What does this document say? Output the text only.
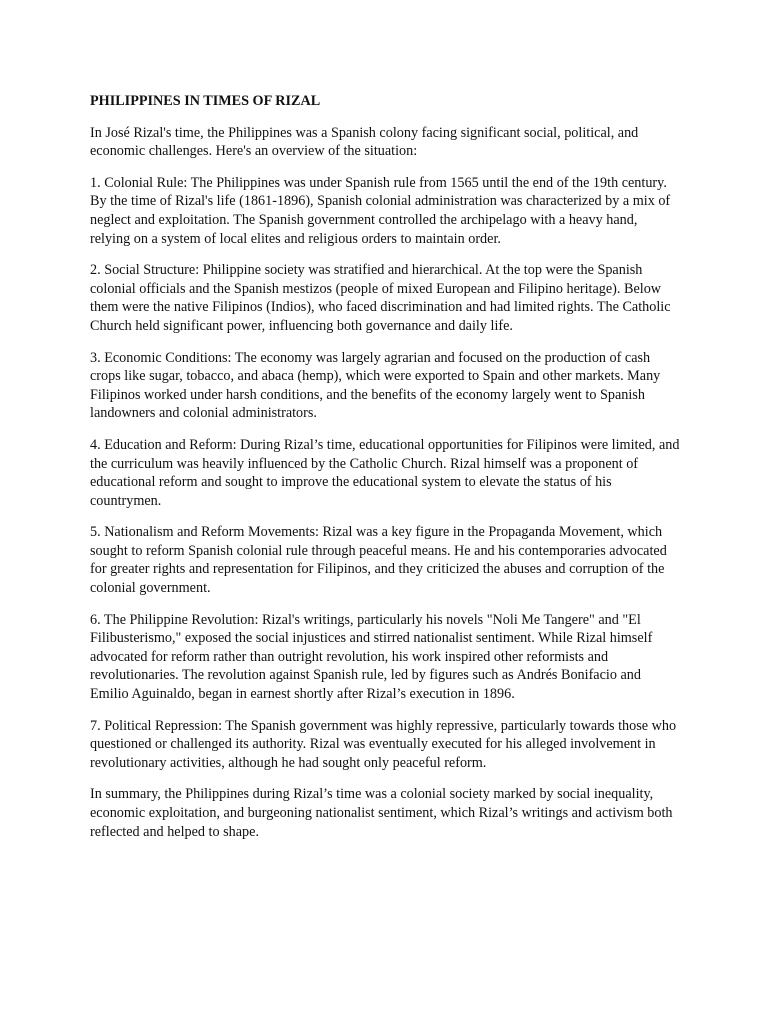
PHILIPPINES IN TIMES OF RIZAL

In José Rizal's time, the Philippines was a Spanish colony facing significant social, political, and economic challenges. Here's an overview of the situation:

1. Colonial Rule: The Philippines was under Spanish rule from 1565 until the end of the 19th century. By the time of Rizal's life (1861-1896), Spanish colonial administration was characterized by a mix of neglect and exploitation. The Spanish government controlled the archipelago with a heavy hand, relying on a system of local elites and religious orders to maintain order.

2. Social Structure: Philippine society was stratified and hierarchical. At the top were the Spanish colonial officials and the Spanish mestizos (people of mixed European and Filipino heritage). Below them were the native Filipinos (Indios), who faced discrimination and had limited rights. The Catholic Church held significant power, influencing both governance and daily life.

3. Economic Conditions: The economy was largely agrarian and focused on the production of cash crops like sugar, tobacco, and abaca (hemp), which were exported to Spain and other markets. Many Filipinos worked under harsh conditions, and the benefits of the economy largely went to Spanish landowners and colonial administrators.

4. Education and Reform: During Rizal’s time, educational opportunities for Filipinos were limited, and the curriculum was heavily influenced by the Catholic Church. Rizal himself was a proponent of educational reform and sought to improve the educational system to elevate the status of his countrymen.

5. Nationalism and Reform Movements: Rizal was a key figure in the Propaganda Movement, which sought to reform Spanish colonial rule through peaceful means. He and his contemporaries advocated for greater rights and representation for Filipinos, and they criticized the abuses and corruption of the colonial government.

6. The Philippine Revolution: Rizal's writings, particularly his novels "Noli Me Tangere" and "El Filibusterismo," exposed the social injustices and stirred nationalist sentiment. While Rizal himself advocated for reform rather than outright revolution, his work inspired other reformists and revolutionaries. The revolution against Spanish rule, led by figures such as Andrés Bonifacio and Emilio Aguinaldo, began in earnest shortly after Rizal’s execution in 1896.

7. Political Repression: The Spanish government was highly repressive, particularly towards those who questioned or challenged its authority. Rizal was eventually executed for his alleged involvement in revolutionary activities, although he had sought only peaceful reform.

In summary, the Philippines during Rizal’s time was a colonial society marked by social inequality, economic exploitation, and burgeoning nationalist sentiment, which Rizal’s writings and activism both reflected and helped to shape.
